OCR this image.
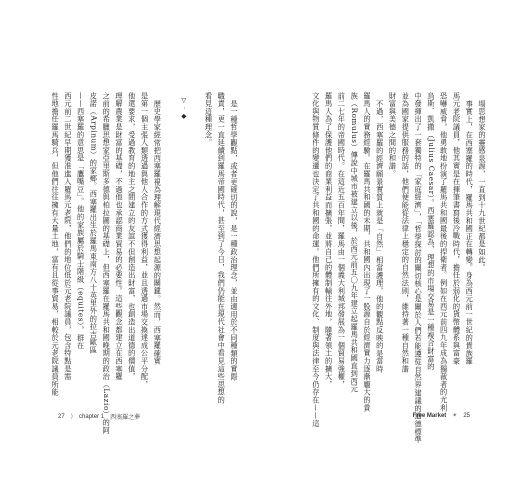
是一種哲學觀點，或者更確切的說，是一種政治理念，並由適用於不同種類的實際
職責，更一直延續到羅馬帝國時代，甚至到了今日，我們仍能在現代社會中看見這些思想的
看見這種理念。
▽·◆
歷史學家經常把西塞羅視為理解現代經濟思想起源的關鍵。然而，西塞羅確實
是第一個主張人類透過與他人合作的方式獲得利益，並且透過市場交換達成公平分配，
他還要求，受過教育的地主之間建立的友誼不但創造出財富，也創造出道德的價值，
理解農業是財富的基礎，不過他也承認商業貿易的必要性。這些觀念都建立在西塞羅
之前的希臘思想家亞里斯多德與柏拉圖的基礎上，但西塞羅在羅馬共和國晚期的政治（Lazio）的阿
皮諾（Arpinum）的家鄉。西塞羅出生於羅馬東南方八十英里外的拉吉歐區
——西塞羅的意思是「鷹嘴豆」。他的家族屬於騎士階級（equites），群在
西元前二世紀早期獲准進入羅馬元老院，他們的地位低於元老院議員，包含特點是需
性地擔任羅馬騎兵，但他們往往擁有大量土地，富有且從事貿易，相較於元老院議員所能
27 ⟩ chapter 1 西塞羅之夢
場思想家的靈感泉源，一直到十九世紀都是如此。
事實上，在西塞羅的時代，羅馬共和國正在轉變。身為西元前一世紀的貴族羅
馬元老院議員，他其實是在揮筆書寫後冷戰時代，擔任於弱化的貨幣體系與富豪
恐嚇威脅，他勇敢地扮演了羅馬共和國最後的捍衛者。例如在西元前四九年成為獨裁者的尤利
烏斯．凱撒（Julius Caesar）。西塞羅認為，理想的市場交易是一種複合財富的
中發揮出了一套獨特的「家庭經濟」，「哲學探討的關切核心是關於人們若能遵從自然界建議的道德標準
並為國家提供服務的話，他們便能從法律上穩定的自然法則，維持著一種自然和諧
財富與美德之間的和諧。
不過，西塞羅的經濟願景實質上就是「自然」相當護理，他的觀點反映的是當時
羅馬人的實務經驗。在羅馬共和國的末期，共和國內出現了一股源自於經濟實力逐漸龐大的貴
族（Romulus）傳說中城市被建立以後，於西元前五〇九年建立起羅馬共和國直到西元
前二七年的帝國時代。在這近五百年間，羅馬由一個義大利城邦發展為一個貿易強權，
羅馬人為了保護他們的商業利益而擴張，並將自己的體制輸往外地，隨著領土的擴大，
文化與物質條件的變遷也決定了共和國的命運。他們所擁有的文化、制度與法律至今仍存在——這	Free Market ✦ 25
